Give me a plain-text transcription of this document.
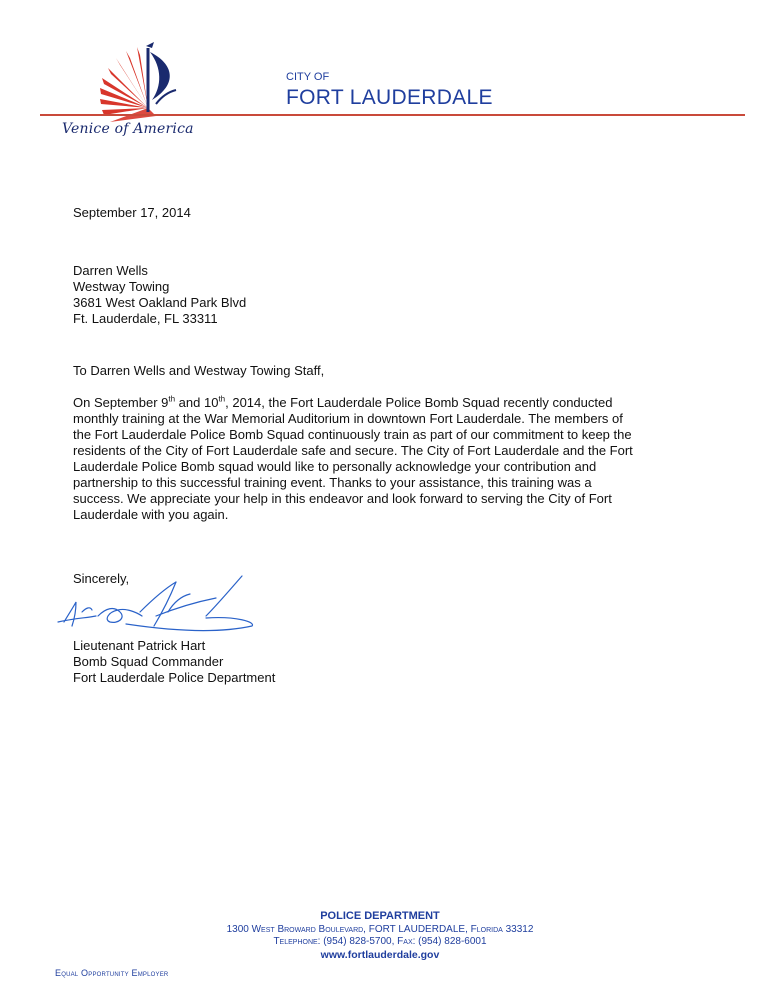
Venice of America
CITY OF
FORT LAUDERDALE
September 17, 2014
Darren Wells
Westway Towing
3681 West Oakland Park Blvd
Ft. Lauderdale, FL 33311
To Darren Wells and Westway Towing Staff,
On September 9th and 10th, 2014, the Fort Lauderdale Police Bomb Squad recently conducted
monthly training at the War Memorial Auditorium in downtown Fort Lauderdale. The members of
the Fort Lauderdale Police Bomb Squad continuously train as part of our commitment to keep the
residents of the City of Fort Lauderdale safe and secure. The City of Fort Lauderdale and the Fort
Lauderdale Police Bomb squad would like to personally acknowledge your contribution and
partnership to this successful training event. Thanks to your assistance, this training was a
success. We appreciate your help in this endeavor and look forward to serving the City of Fort
Lauderdale with you again.
Sincerely,
Lieutenant Patrick Hart
Bomb Squad Commander
Fort Lauderdale Police Department
POLICE DEPARTMENT
1300 West Broward Boulevard, FORT LAUDERDALE, Florida 33312
Telephone: (954) 828-5700, Fax: (954) 828-6001
www.fortlauderdale.gov
Equal Opportunity Employer
